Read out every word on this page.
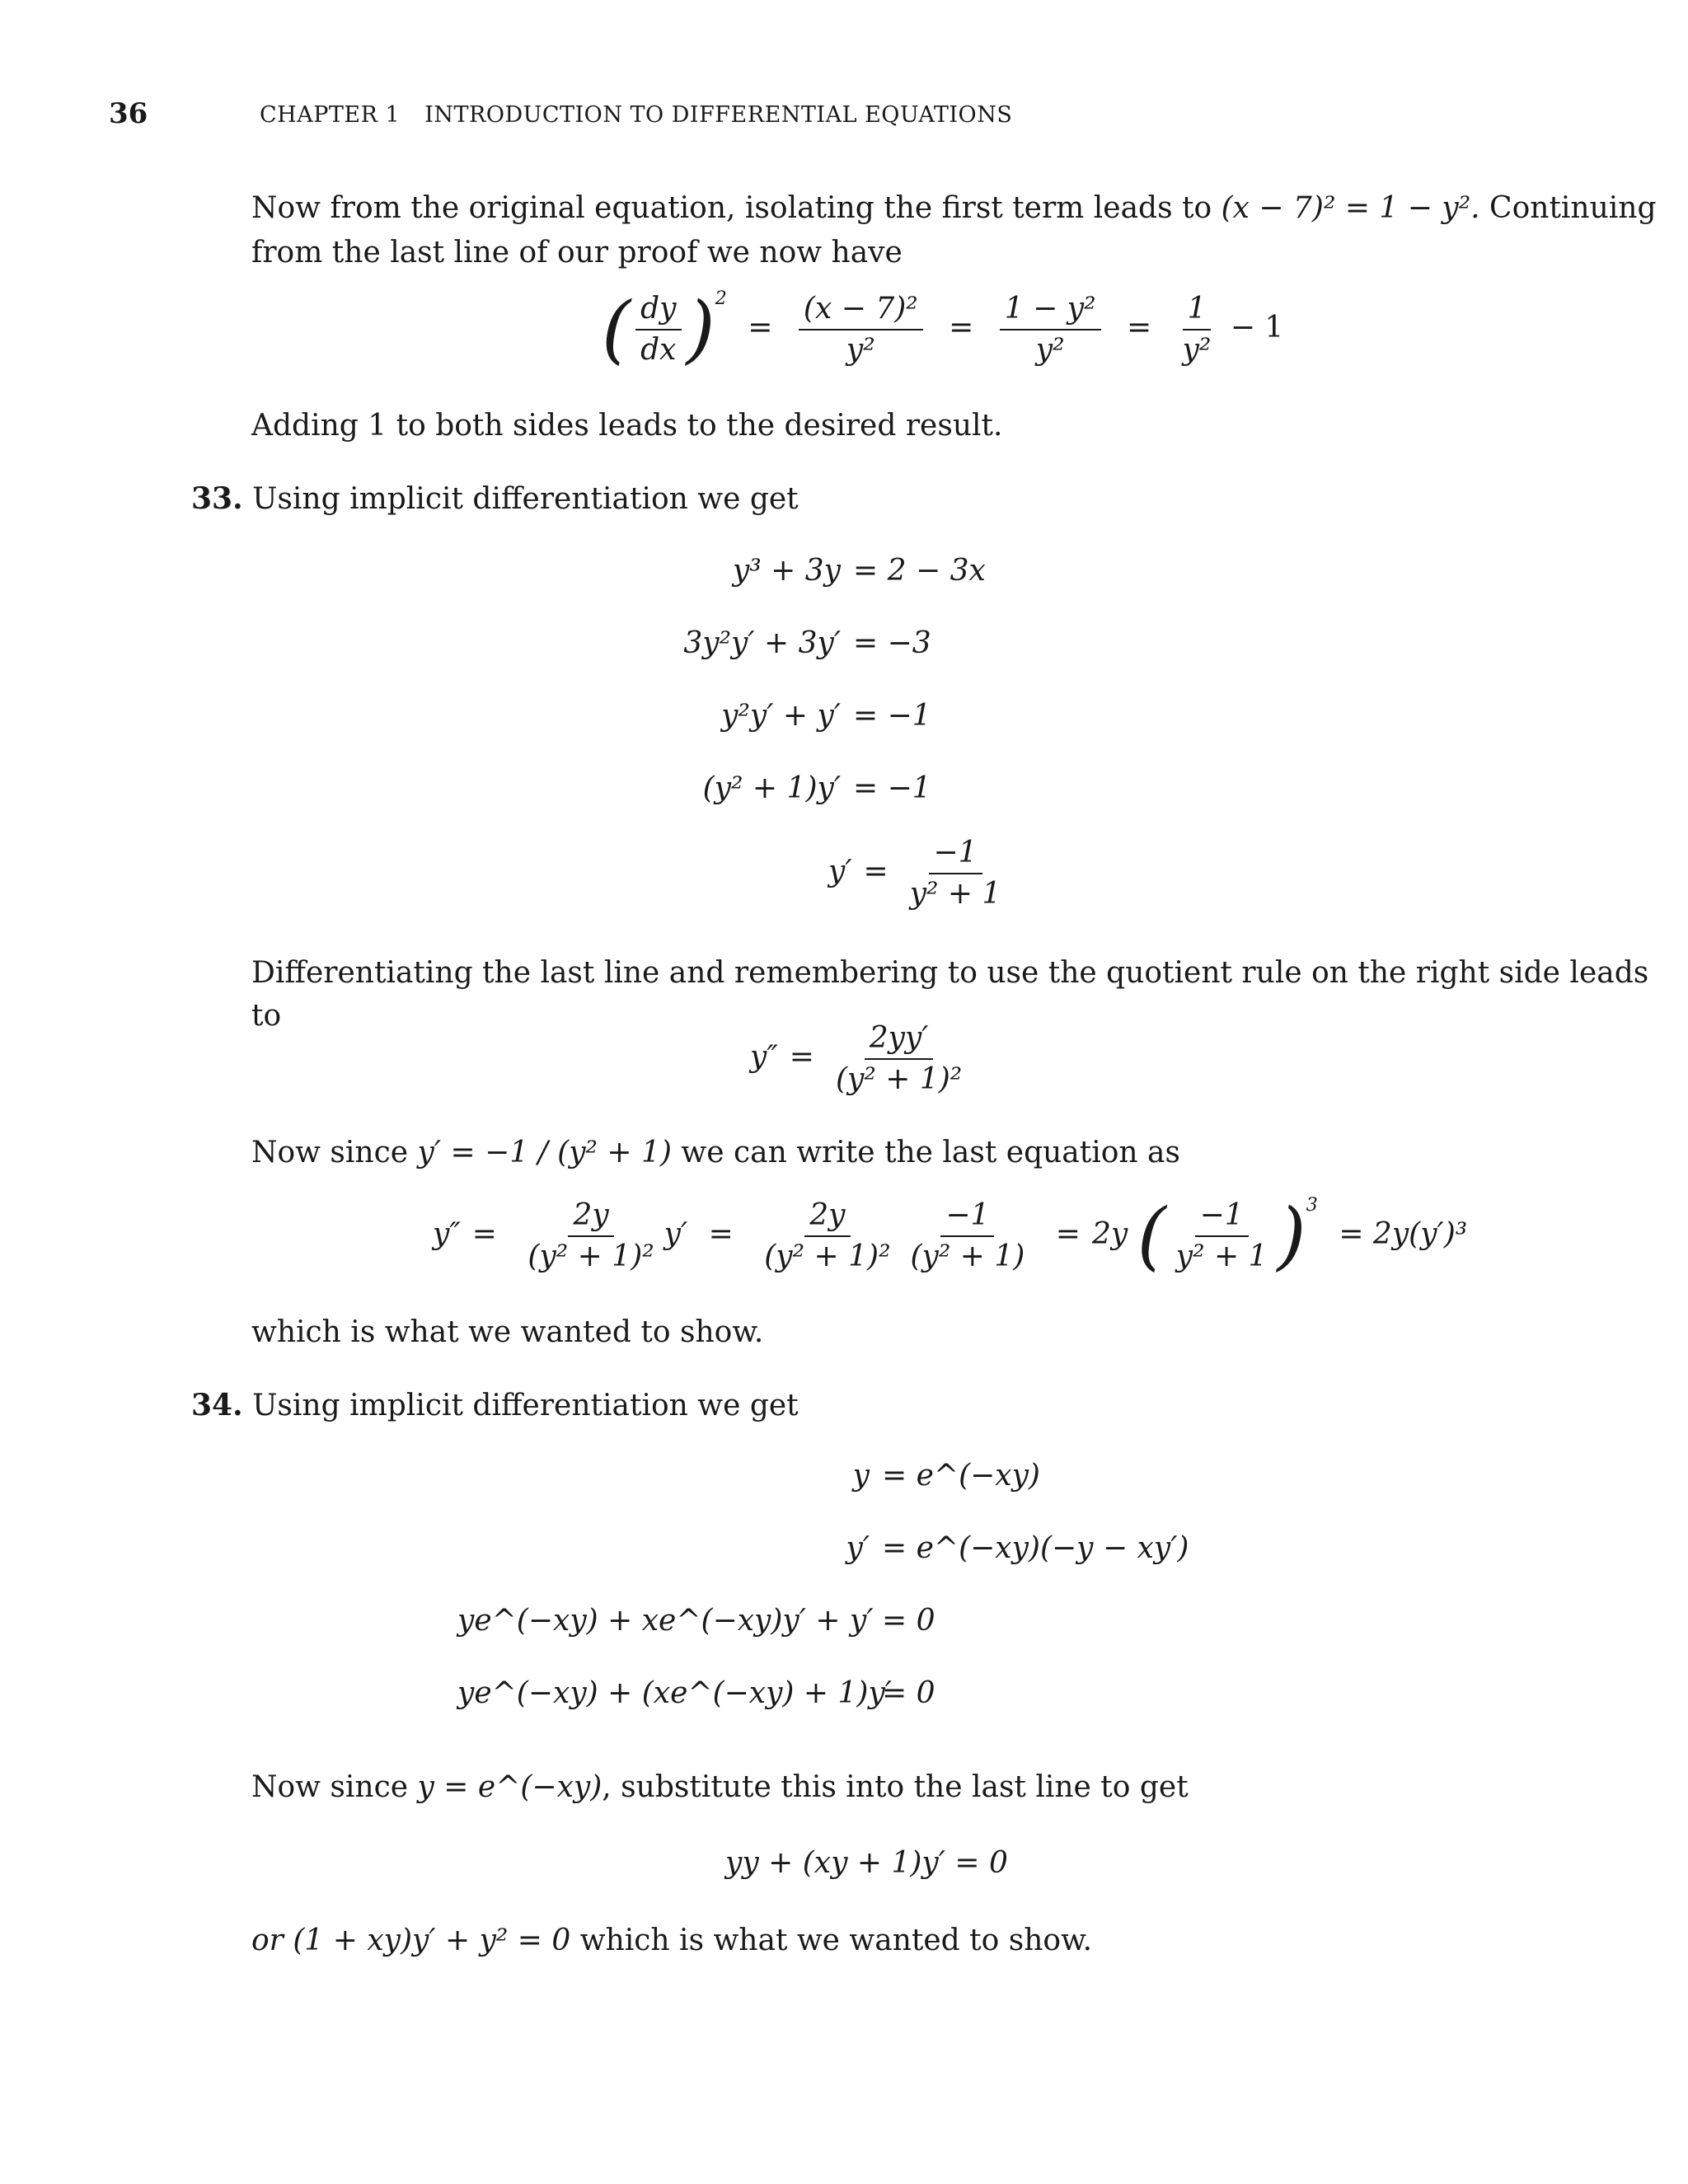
36	CHAPTER 1 INTRODUCTION TO DIFFERENTIAL EQUATIONS
Now from the original equation, isolating the first term leads to (x − 7)² = 1 − y². Continuing
from the last line of our proof we now have
( $\frac{dy}{dx} )^2 = \frac{\text{(x − 7)²}}{\text{y²}} = \frac{\text{1 − y²}}{\text{y²}} = \frac{1}{\text{y²}} - 1$
Adding 1 to both sides leads to the desired result.
33. Using implicit differentiation we get
y³ + 3y = 2 − 3x
3y²y′ + 3y′ = −3
y²y′ + y′ = −1
(y² + 1)y′ = −1
$y' = \frac{-1}{\text{y² + 1}}$
Differentiating the last line and remembering to use the quotient rule on the right side leads
to
$y'' = \frac{2yy'}{\text{(y² + 1)²}}$
Now since y′ = −1 / (y² + 1) we can write the last equation as
$y'' = \frac{2y}{\text{(y² + 1)²}} y' = \frac{2y}{\text{(y² + 1)²}} \frac{-1}{\text{(y² + 1)}} = 2y$ ( $\frac{-1}{\text{y² + 1}} )^3 = 2y(y')^3$
which is what we wanted to show.
34. Using implicit differentiation we get
y = e^(−xy)
y′ = e^(−xy)(−y − xy′)
ye^(−xy) + xe^(−xy)y′ + y′ = 0
ye^(−xy) + (xe^(−xy) + 1)y′
= 0
Now since y = e^(−xy), substitute this into the last line to get
yy + (xy + 1)y′ = 0
or (1 + xy)y′ + y² = 0 which is what we wanted to show.
